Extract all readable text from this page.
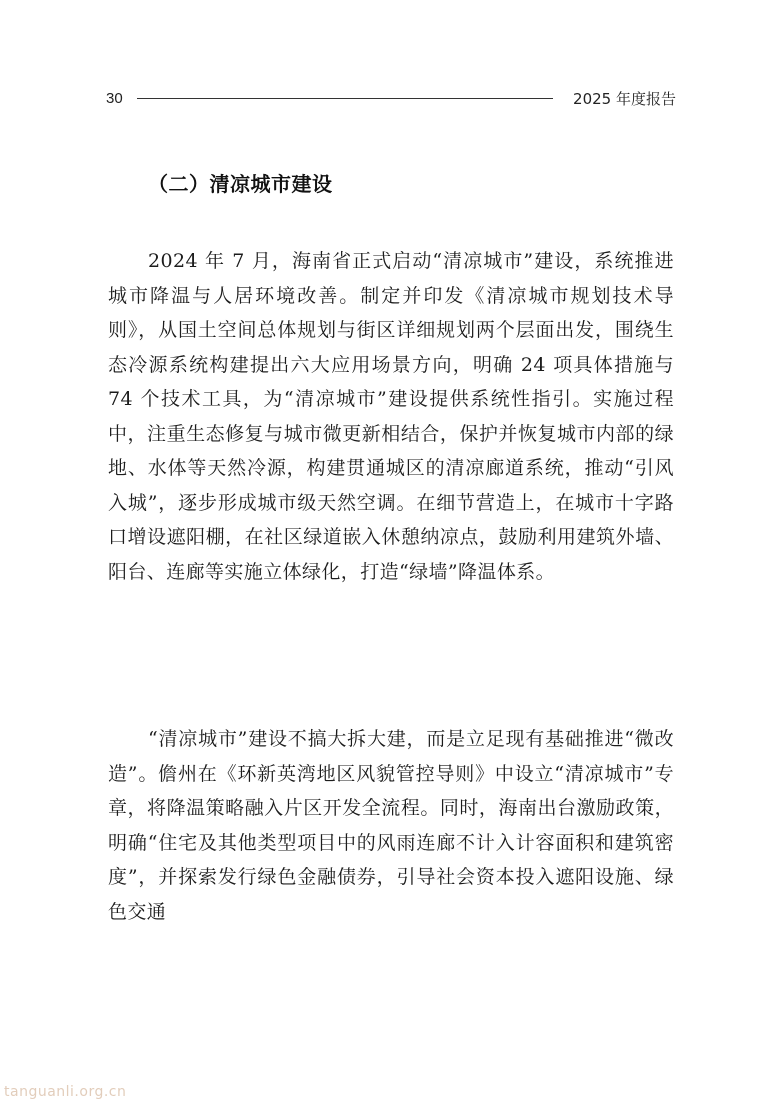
30	2025 年度报告
（二）清凉城市建设

2024 年 7 月，海南省正式启动“清凉城市”建设，系统推进城市降温与人居环境改善。制定并印发《清凉城市规划技术导则》，从国土空间总体规划与街区详细规划两个层面出发，围绕生态冷源系统构建提出六大应用场景方向，明确 24 项具体措施与 74 个技术工具，为“清凉城市”建设提供系统性指引。实施过程中，注重生态修复与城市微更新相结合，保护并恢复城市内部的绿地、水体等天然冷源，构建贯通城区的清凉廊道系统，推动“引风入城”，逐步形成城市级天然空调。在细节营造上，在城市十字路口增设遮阳棚，在社区绿道嵌入休憩纳凉点，鼓励利用建筑外墙、阳台、连廊等实施立体绿化，打造“绿墙”降温体系。

“清凉城市”建设不搞大拆大建，而是立足现有基础推进“微改造”。儋州在《环新英湾地区风貌管控导则》中设立“清凉城市”专章，将降温策略融入片区开发全流程。同时，海南出台激励政策，明确“住宅及其他类型项目中的风雨连廊不计入计容面积和建筑密度”，并探索发行绿色金融债券，引导社会资本投入遮阳设施、绿色交通

tanguanli.org.cn
